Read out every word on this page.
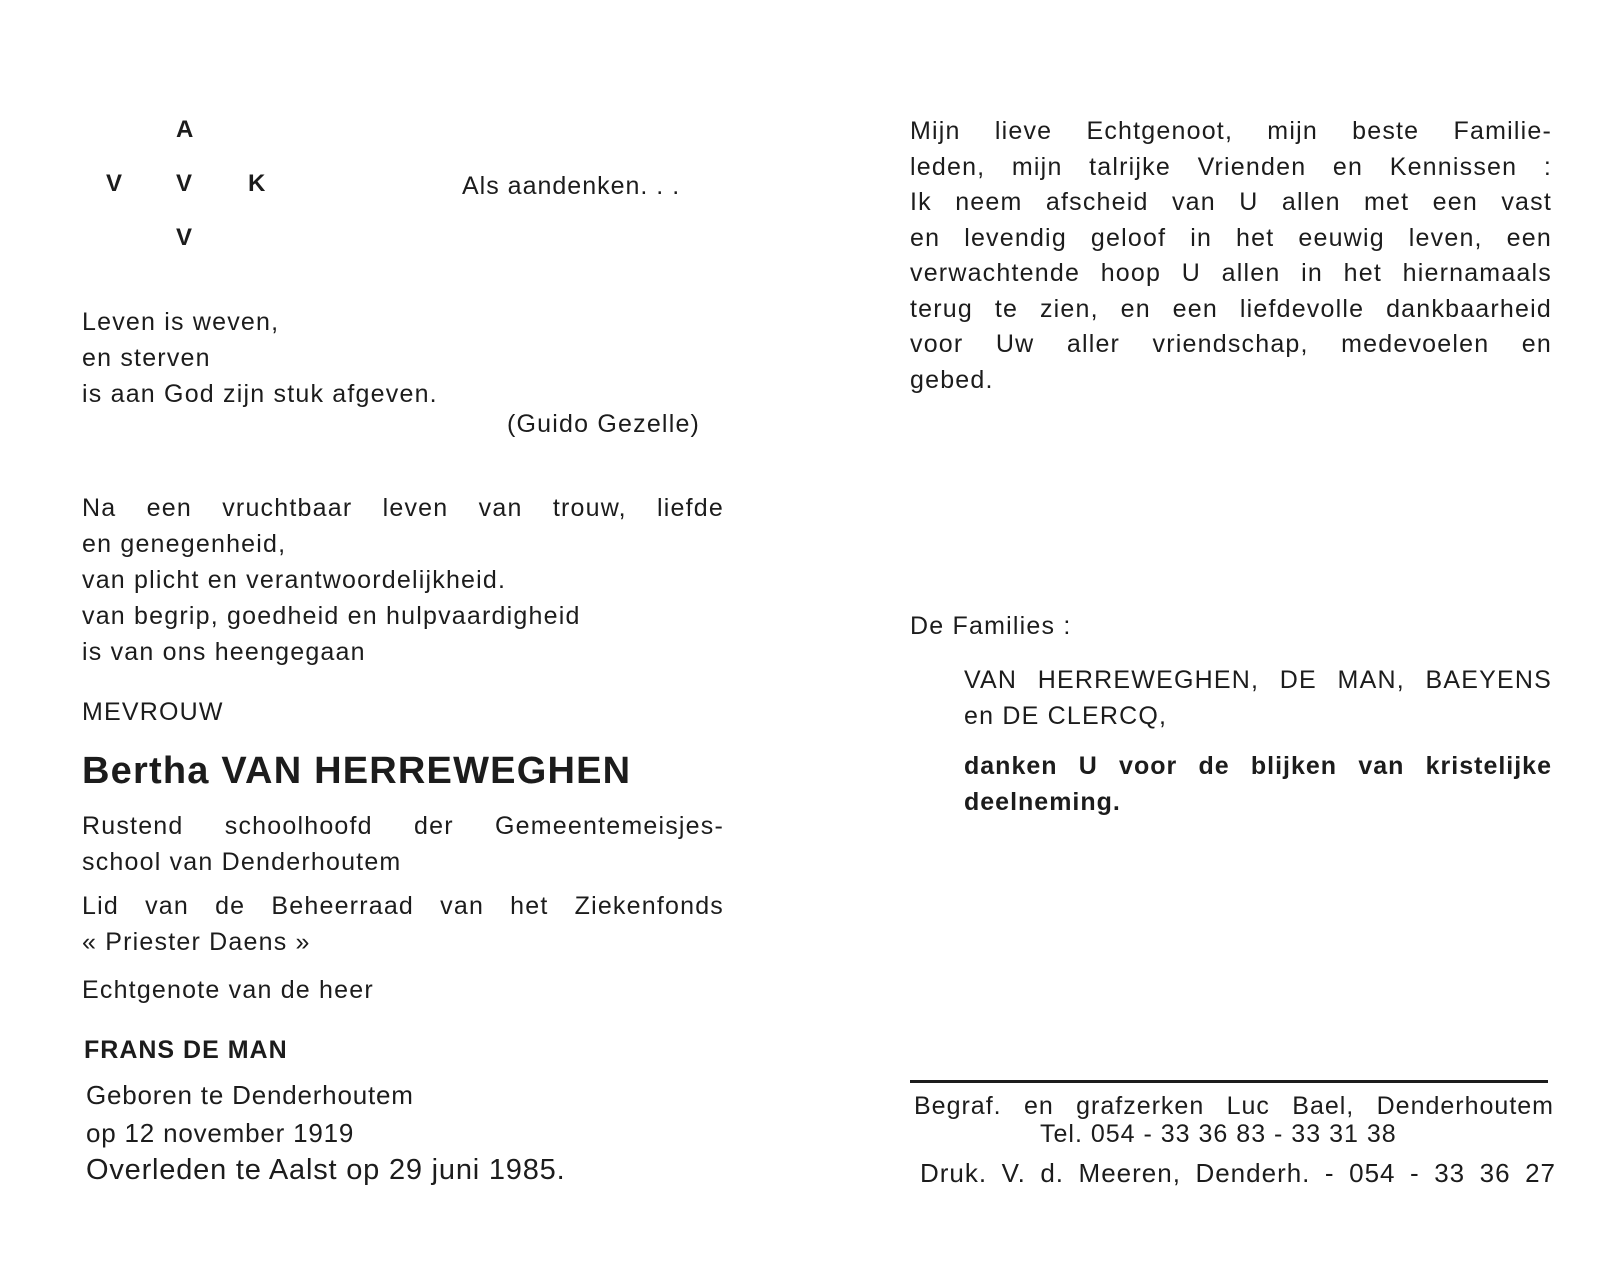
A
V V K
V
Als aandenken. . .
Leven is weven,
en sterven
is aan God zijn stuk afgeven.
(Guido Gezelle)
Na een vruchtbaar leven van trouw, liefde
en genegenheid,
van plicht en verantwoordelijkheid.
van begrip, goedheid en hulpvaardigheid
is van ons heengegaan
MEVROUW
Bertha VAN HERREWEGHEN
Rustend schoolhoofd der Gemeentemeisjes-
school van Denderhoutem
Lid van de Beheerraad van het Ziekenfonds
« Priester Daens »
Echtgenote van de heer
FRANS DE MAN
Geboren te Denderhoutem
op 12 november 1919
Overleden te Aalst op 29 juni 1985.
Mijn lieve Echtgenoot, mijn beste Familie-
leden, mijn talrijke Vrienden en Kennissen :
Ik neem afscheid van U allen met een vast
en levendig geloof in het eeuwig leven, een
verwachtende hoop U allen in het hiernamaals
terug te zien, en een liefdevolle dankbaarheid
voor Uw aller vriendschap, medevoelen en
gebed.
De Families :
VAN HERREWEGHEN, DE MAN, BAEYENS
en DE CLERCQ,
danken U voor de blijken van kristelijke
deelneming.
Begraf. en grafzerken Luc Bael, Denderhoutem
Tel. 054 - 33 36 83 - 33 31 38
Druk. V. d. Meeren, Denderh. - 054 - 33 36 27
